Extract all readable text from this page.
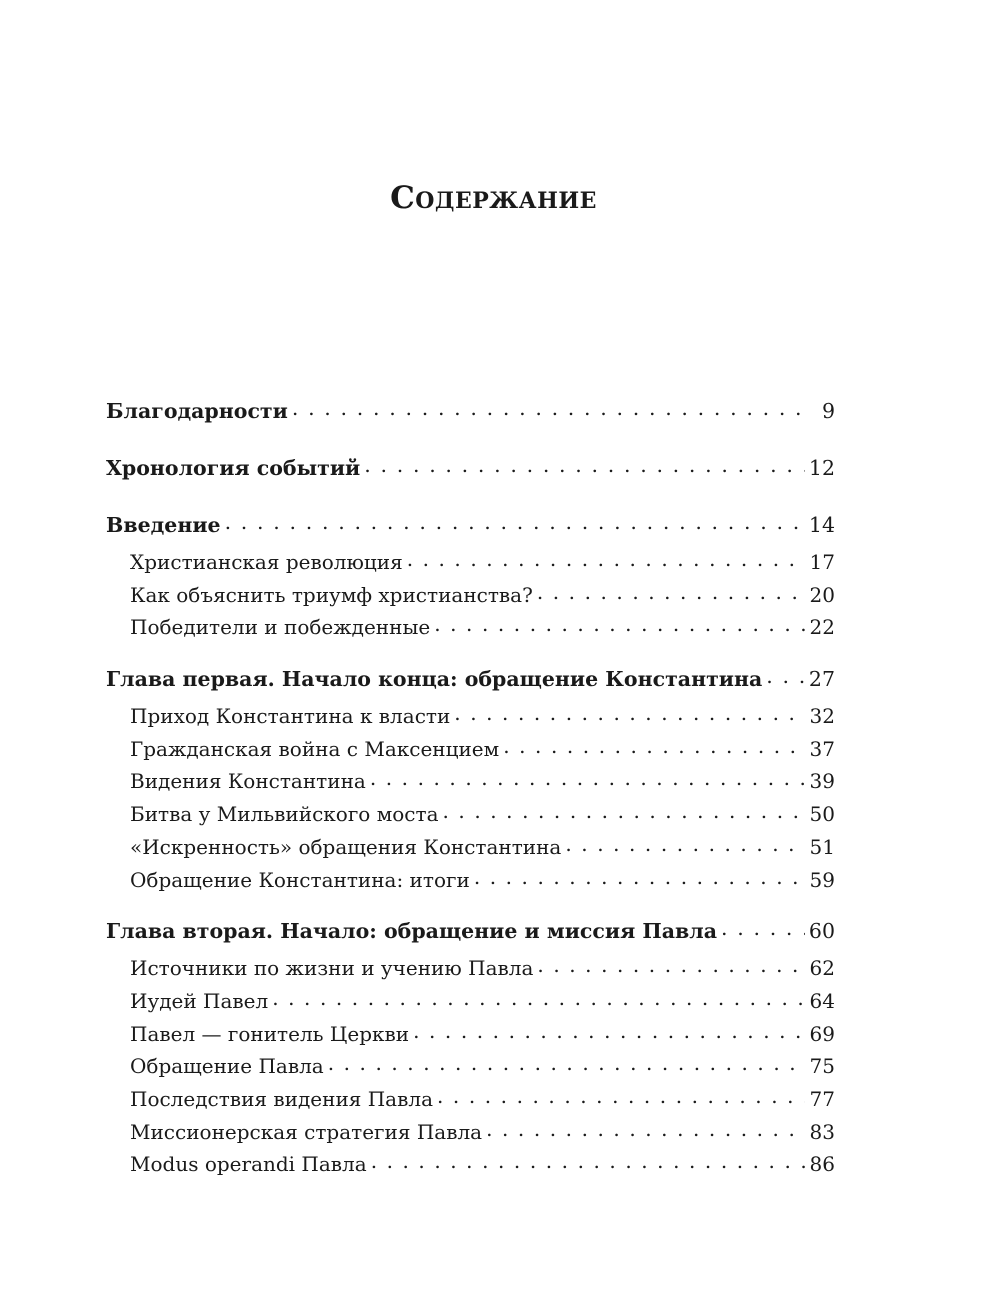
Содержание
Благодарности . . .	9
Хронология событий . . .	12
Введение . . .	14
Христианская революция . . .	17
Как объяснить триумф христианства? . . .	20
Победители и побежденные . . .	22
Глава первая. Начало конца: обращение Константина . . . 27
Приход Константина к власти . . .	32
Гражданская война с Максенцием . . .	37
Видения Константина . . .	39
Битва у Мильвийского моста . . .	50
«Искренность» обращения Константина . . .	51
Обращение Константина: итоги . . .	59
Глава вторая. Начало: обращение и миссия Павла . . .	60
Источники по жизни и учению Павла . . .	62
Иудей Павел . . .	64
Павел — гонитель Церкви . . .	69
Обращение Павла . . .	75
Последствия видения Павла . . .	77
Миссионерская стратегия Павла . . .	83
Modus operandi Павла . . .	86
